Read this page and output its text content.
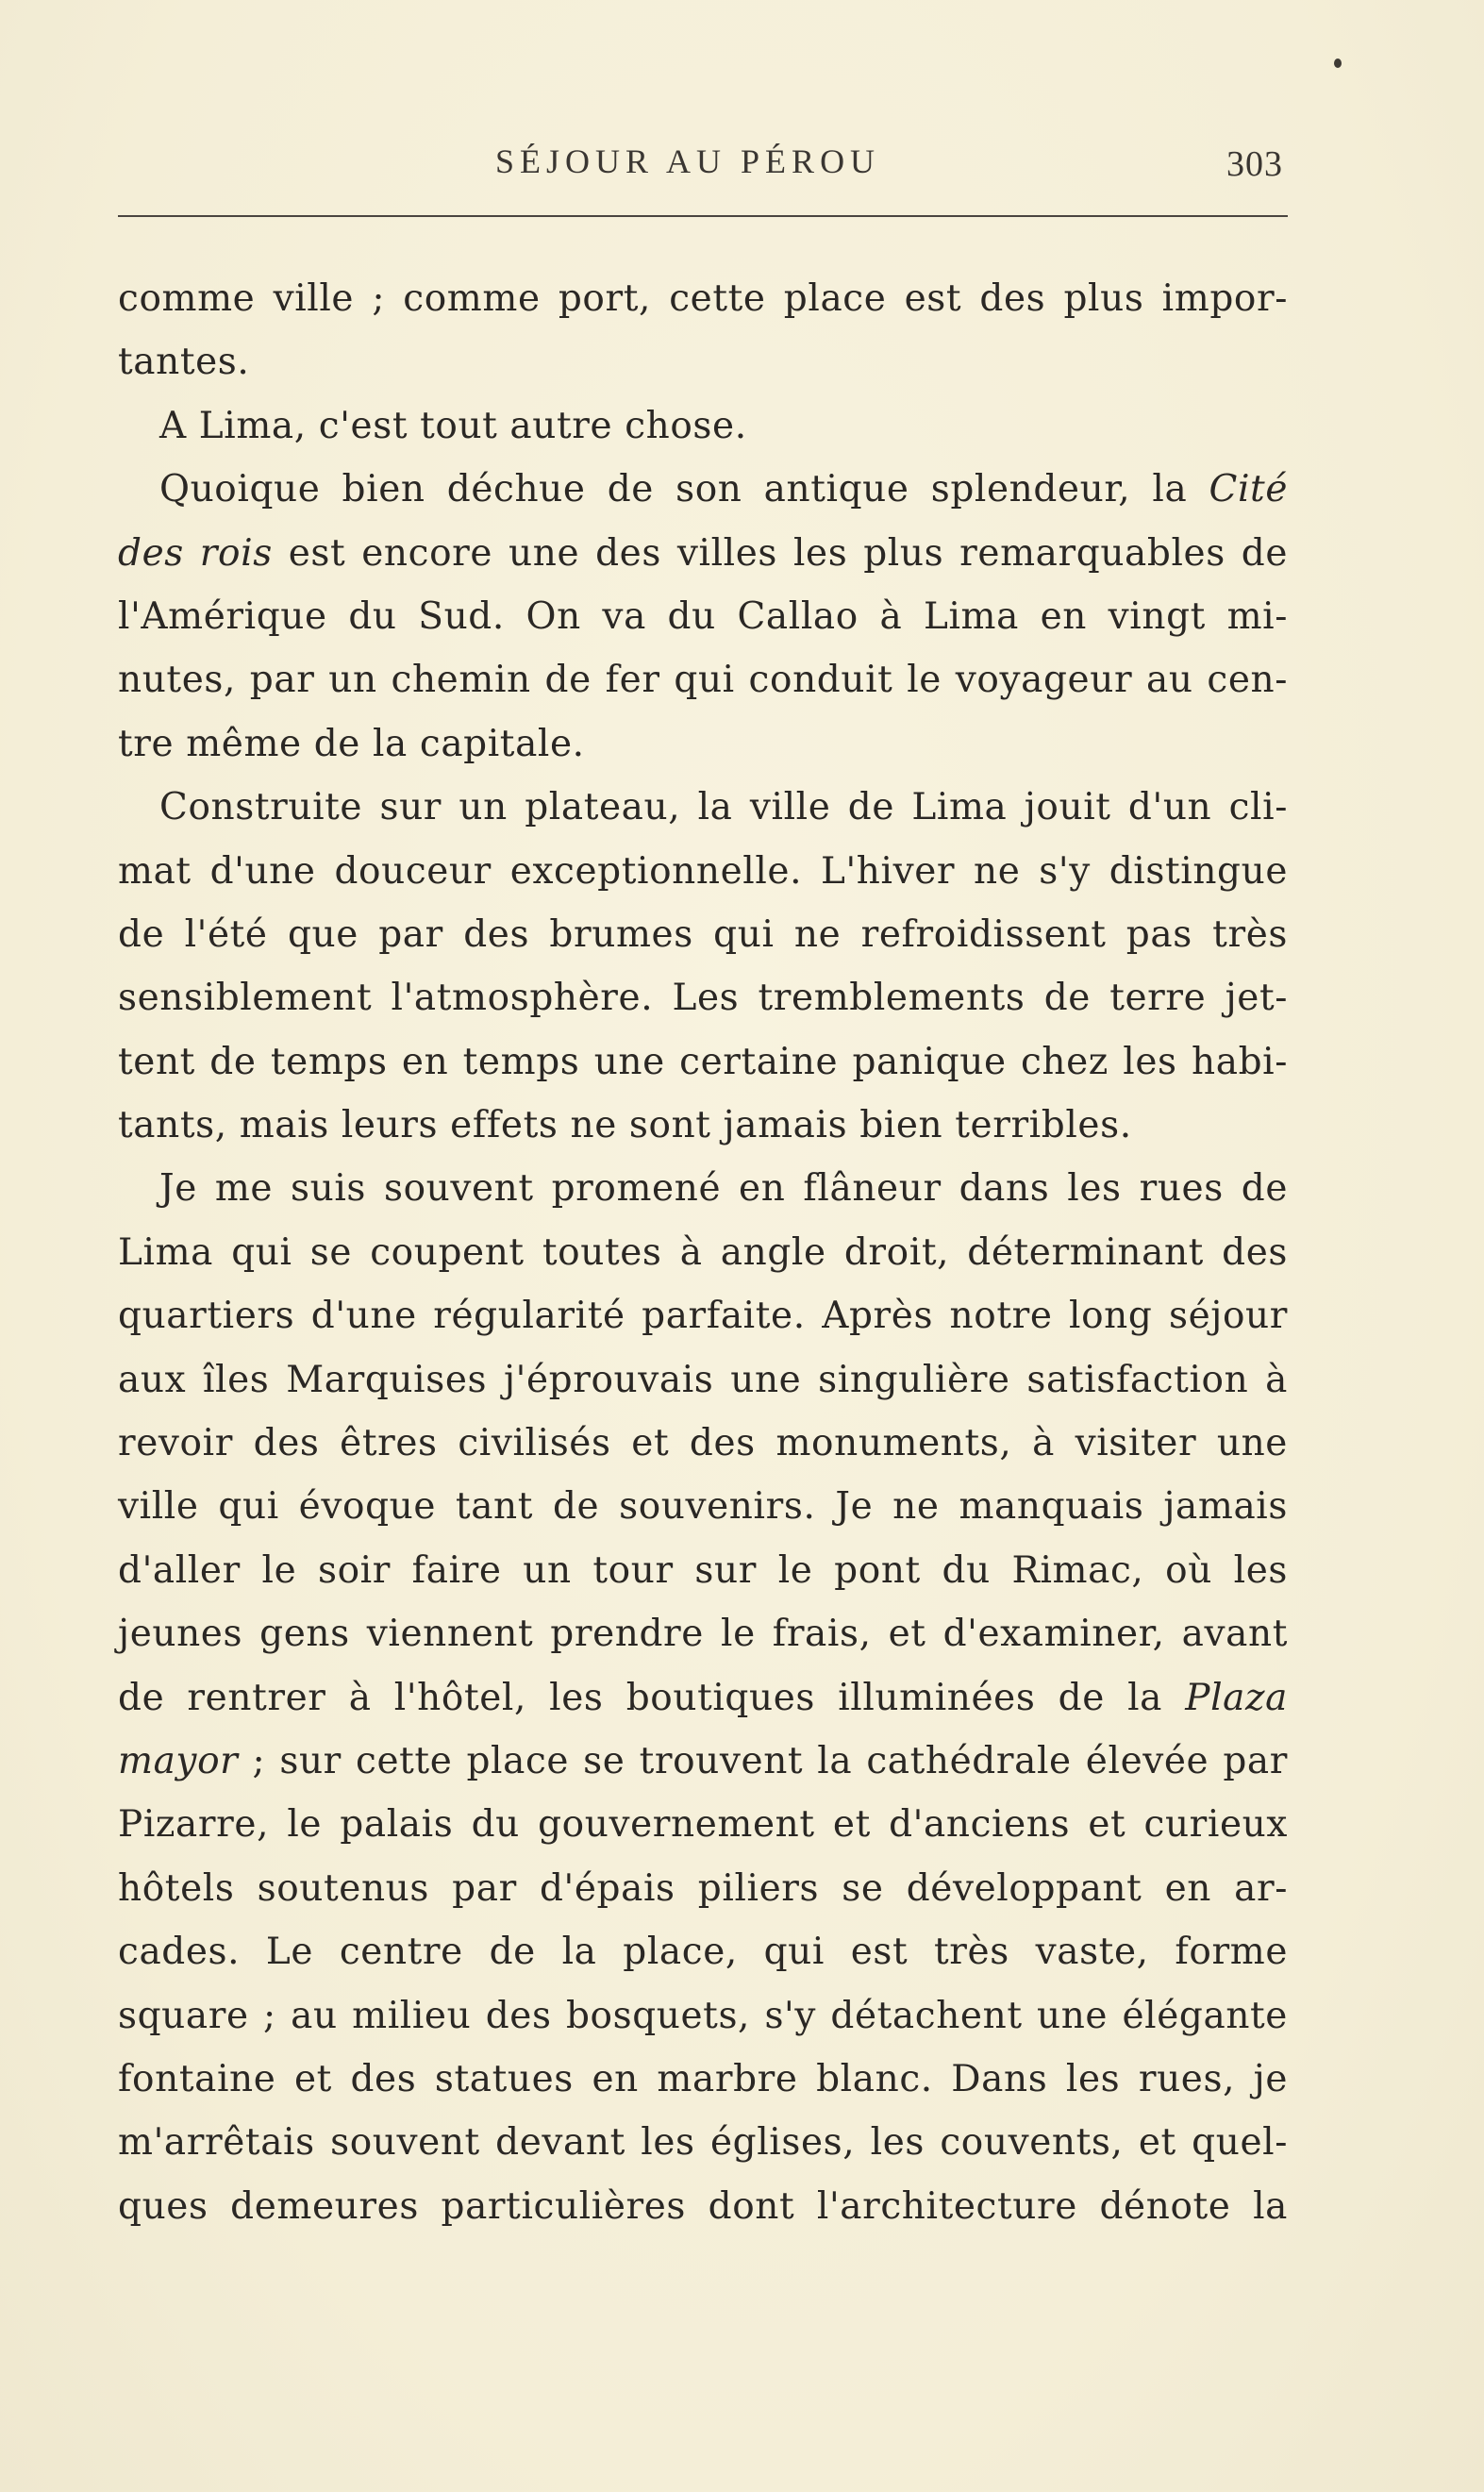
SÉJOUR AU PÉROU	303
comme ville ; comme port, cette place est des plus impor-
tantes.
A Lima, c'est tout autre chose.
Quoique bien déchue de son antique splendeur, la Cité
des rois est encore une des villes les plus remarquables de
l'Amérique du Sud. On va du Callao à Lima en vingt mi-
nutes, par un chemin de fer qui conduit le voyageur au cen-
tre même de la capitale.
Construite sur un plateau, la ville de Lima jouit d'un cli-
mat d'une douceur exceptionnelle. L'hiver ne s'y distingue
de l'été que par des brumes qui ne refroidissent pas très
sensiblement l'atmosphère. Les tremblements de terre jet-
tent de temps en temps une certaine panique chez les habi-
tants, mais leurs effets ne sont jamais bien terribles.
Je me suis souvent promené en flâneur dans les rues de
Lima qui se coupent toutes à angle droit, déterminant des
quartiers d'une régularité parfaite. Après notre long séjour
aux îles Marquises j'éprouvais une singulière satisfaction à
revoir des êtres civilisés et des monuments, à visiter une
ville qui évoque tant de souvenirs. Je ne manquais jamais
d'aller le soir faire un tour sur le pont du Rimac, où les
jeunes gens viennent prendre le frais, et d'examiner, avant
de rentrer à l'hôtel, les boutiques illuminées de la Plaza
mayor ; sur cette place se trouvent la cathédrale élevée par
Pizarre, le palais du gouvernement et d'anciens et curieux
hôtels soutenus par d'épais piliers se développant en ar-
cades. Le centre de la place, qui est très vaste, forme
square ; au milieu des bosquets, s'y détachent une élégante
fontaine et des statues en marbre blanc. Dans les rues, je
m'arrêtais souvent devant les églises, les couvents, et quel-
ques demeures particulières dont l'architecture dénote la
